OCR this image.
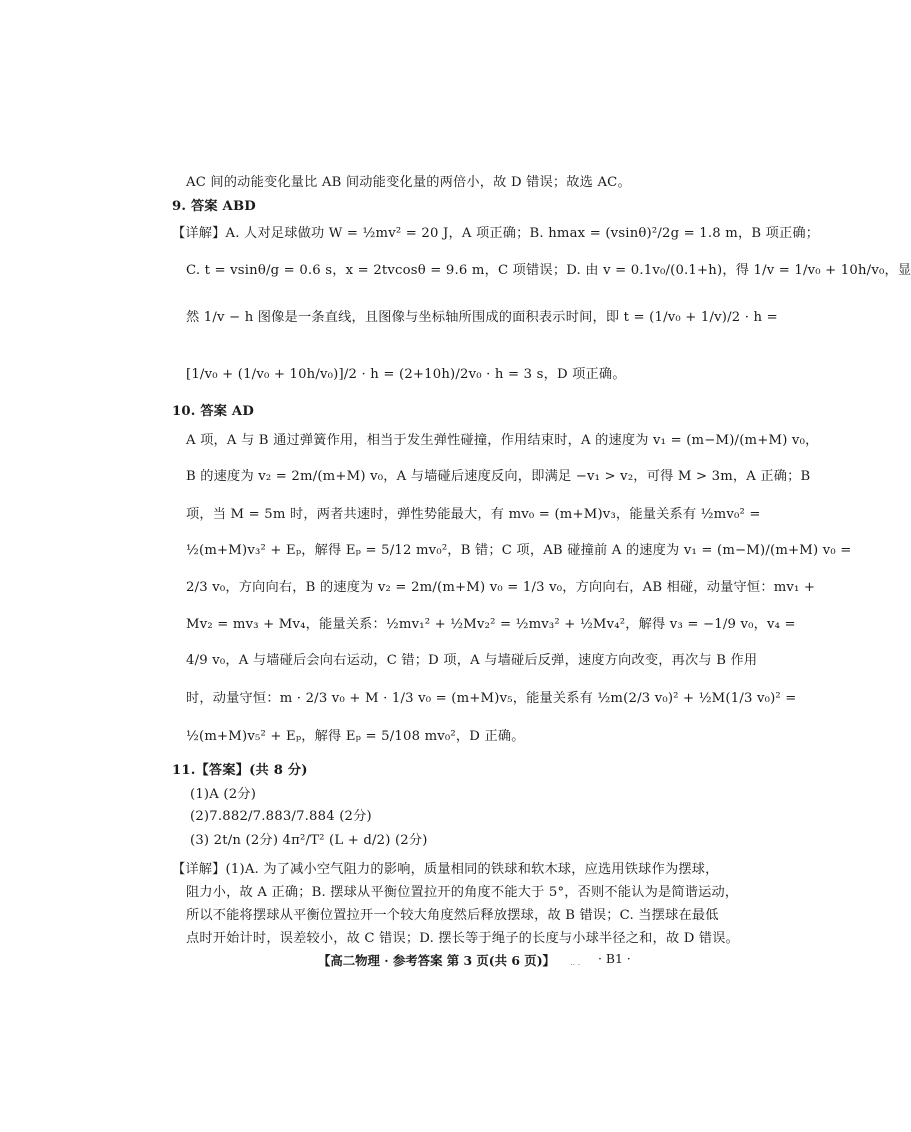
AC 间的动能变化量比 AB 间动能变化量的两倍小，故 D 错误；故选 AC。
9. 答案 ABD
【详解】A. 人对足球做功 W = ½mv² = 20 J，A 项正确；B. hmax = (vsinθ)²/2g = 1.8 m，B 项正确；
C. t = vsinθ/g = 0.6 s，x = 2tvcosθ = 9.6 m，C 项错误；D. 由 v = 0.1v₀/(0.1+h)，得 1/v = 1/v₀ + 10h/v₀，显
然 1/v − h 图像是一条直线，且图像与坐标轴所围成的面积表示时间，即 t = (1/v₀ + 1/v)/2 · h =
[1/v₀ + (1/v₀ + 10h/v₀)]/2 · h = (2+10h)/2v₀ · h = 3 s，D 项正确。
10. 答案 AD
A 项，A 与 B 通过弹簧作用，相当于发生弹性碰撞，作用结束时，A 的速度为 v₁ = (m−M)/(m+M) v₀，
B 的速度为 v₂ = 2m/(m+M) v₀，A 与墙碰后速度反向，即满足 −v₁ > v₂，可得 M > 3m，A 正确；B
项，当 M = 5m 时，两者共速时，弹性势能最大，有 mv₀ = (m+M)v₃，能量关系有 ½mv₀² =
½(m+M)v₃² + Eₚ，解得 Eₚ = 5/12 mv₀²，B 错；C 项，AB 碰撞前 A 的速度为 v₁ = (m−M)/(m+M) v₀ =
2/3 v₀，方向向右，B 的速度为 v₂ = 2m/(m+M) v₀ = 1/3 v₀，方向向右，AB 相碰，动量守恒：mv₁ +
Mv₂ = mv₃ + Mv₄，能量关系：½mv₁² + ½Mv₂² = ½mv₃² + ½Mv₄²，解得 v₃ = −1/9 v₀，v₄ =
4/9 v₀，A 与墙碰后会向右运动，C 错；D 项，A 与墙碰后反弹，速度方向改变，再次与 B 作用
时，动量守恒：m · 2/3 v₀ + M · 1/3 v₀ = (m+M)v₅，能量关系有 ½m(2/3 v₀)² + ½M(1/3 v₀)² =
½(m+M)v₅² + Eₚ，解得 Eₚ = 5/108 mv₀²，D 正确。
11.【答案】(共 8 分)
(1)A (2分)
(2)7.882/7.883/7.884 (2分)
(3) 2t/n (2分) 4π²/T² (L + d/2) (2分)
【详解】(1)A. 为了减小空气阻力的影响，质量相同的铁球和软木球，应选用铁球作为摆球，
阻力小，故 A 正确；B. 摆球从平衡位置拉开的角度不能大于 5°，否则不能认为是简谐运动，
所以不能将摆球从平衡位置拉开一个较大角度然后释放摆球，故 B 错误；C. 当摆球在最低
点时开始计时，误差较小，故 C 错误；D. 摆长等于绳子的长度与小球半径之和，故 D 错误。
【高二物理 · 参考答案 第 3 页(共 6 页)】 .. . · B1 ·
